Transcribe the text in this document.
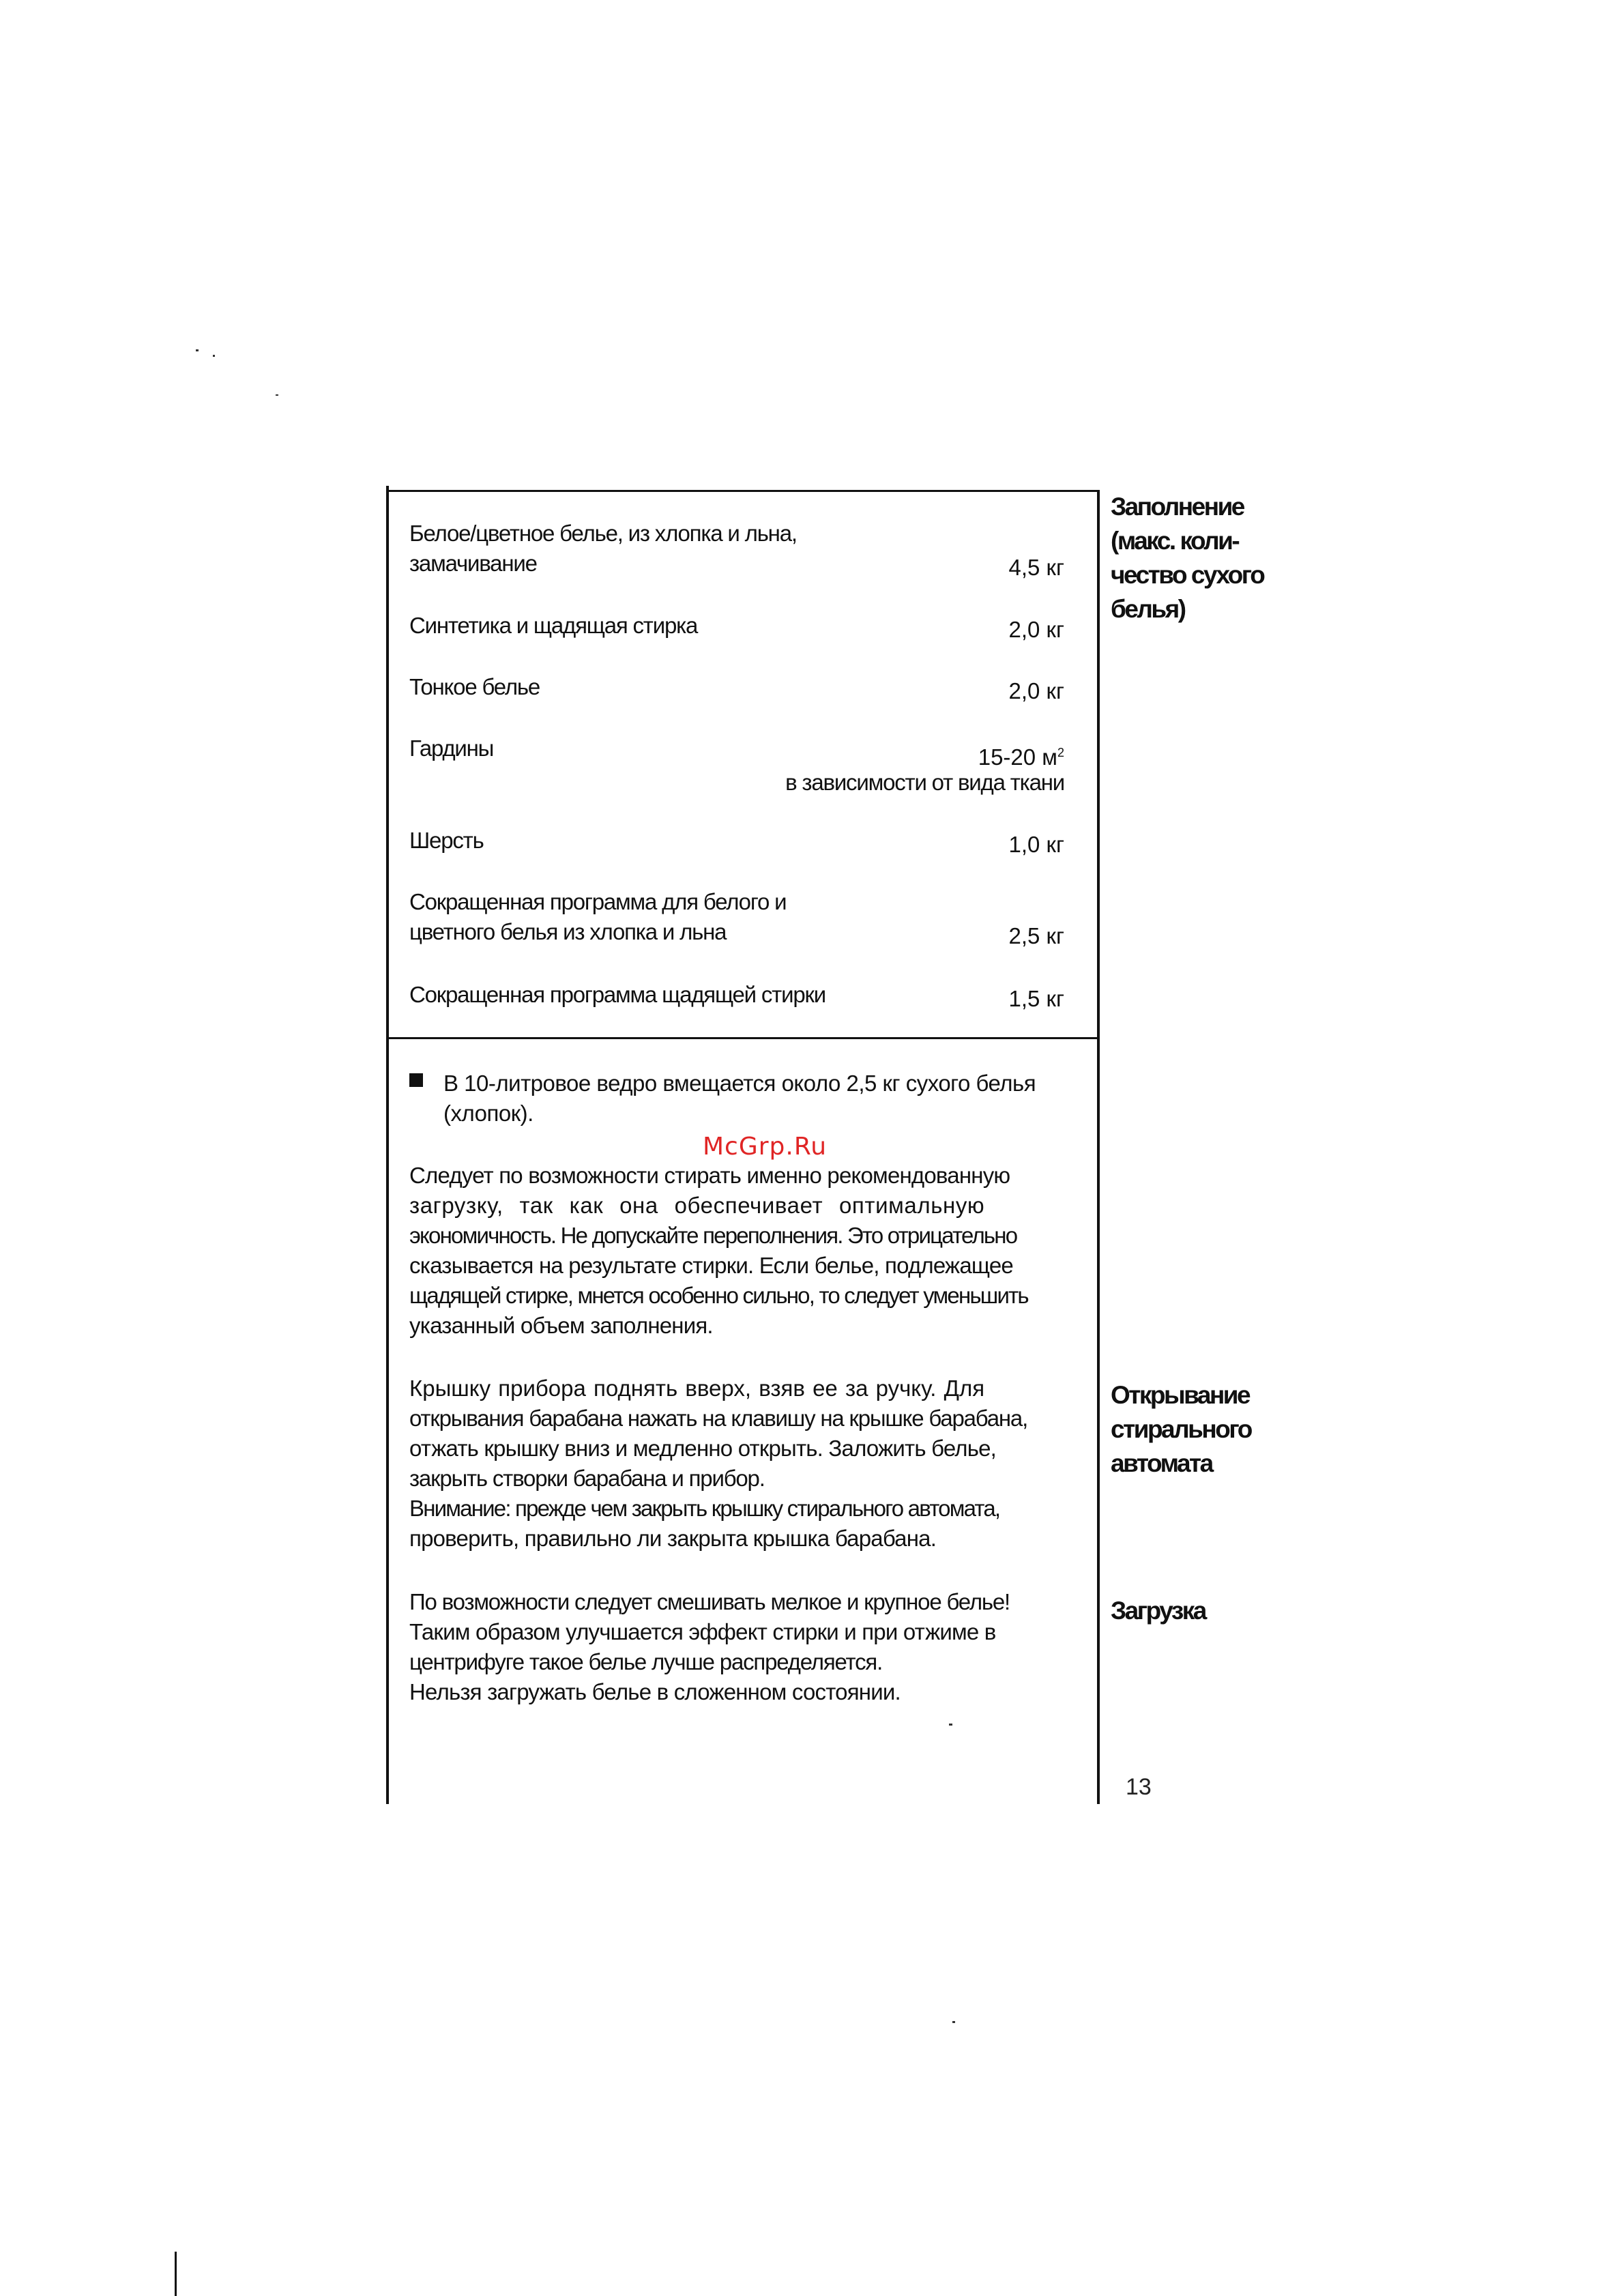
Белое/цветное белье, из хлопка и льна,
замачивание	4,5 кг
Синтетика и щадящая стирка	2,0 кг
Тонкое белье	2,0 кг
Гардины	15-20 $м^2$
в зависимости от вида ткани
Шерсть	1,0 кг
Сокращенная программа для белого и
цветного белья из хлопка и льна	2,5 кг
Сокращенная программа щадящей стирки	1,5 кг
В 10-литровое ведро вмещается около 2,5 кг сухого белья
(хлопок).
McGrp.Ru
Следует по возможности стирать именно рекомендованную
загрузку, так как она обеспечивает оптимальную
экономичность. Не допускайте переполнения. Это отрицательно
сказывается на результате стирки. Если белье, подлежащее
щадящей стирке, мнется особенно сильно, то следует уменьшить
указанный объем заполнения.
Крышку прибора поднять вверх, взяв ее за ручку. Для
открывания барабана нажать на клавишу на крышке барабана,
отжать крышку вниз и медленно открыть. Заложить белье,
закрыть створки барабана и прибор.
Внимание: прежде чем закрыть крышку стирального автомата,
проверить, правильно ли закрыта крышка барабана.
По возможности следует смешивать мелкое и крупное белье!
Таким образом улучшается эффект стирки и при отжиме в
центрифуге такое белье лучше распределяется.
Нельзя загружать белье в сложенном состоянии.
Заполнение
(макс. коли-
чество сухого
белья)
Открывание
стирального
автомата
Загрузка
13
